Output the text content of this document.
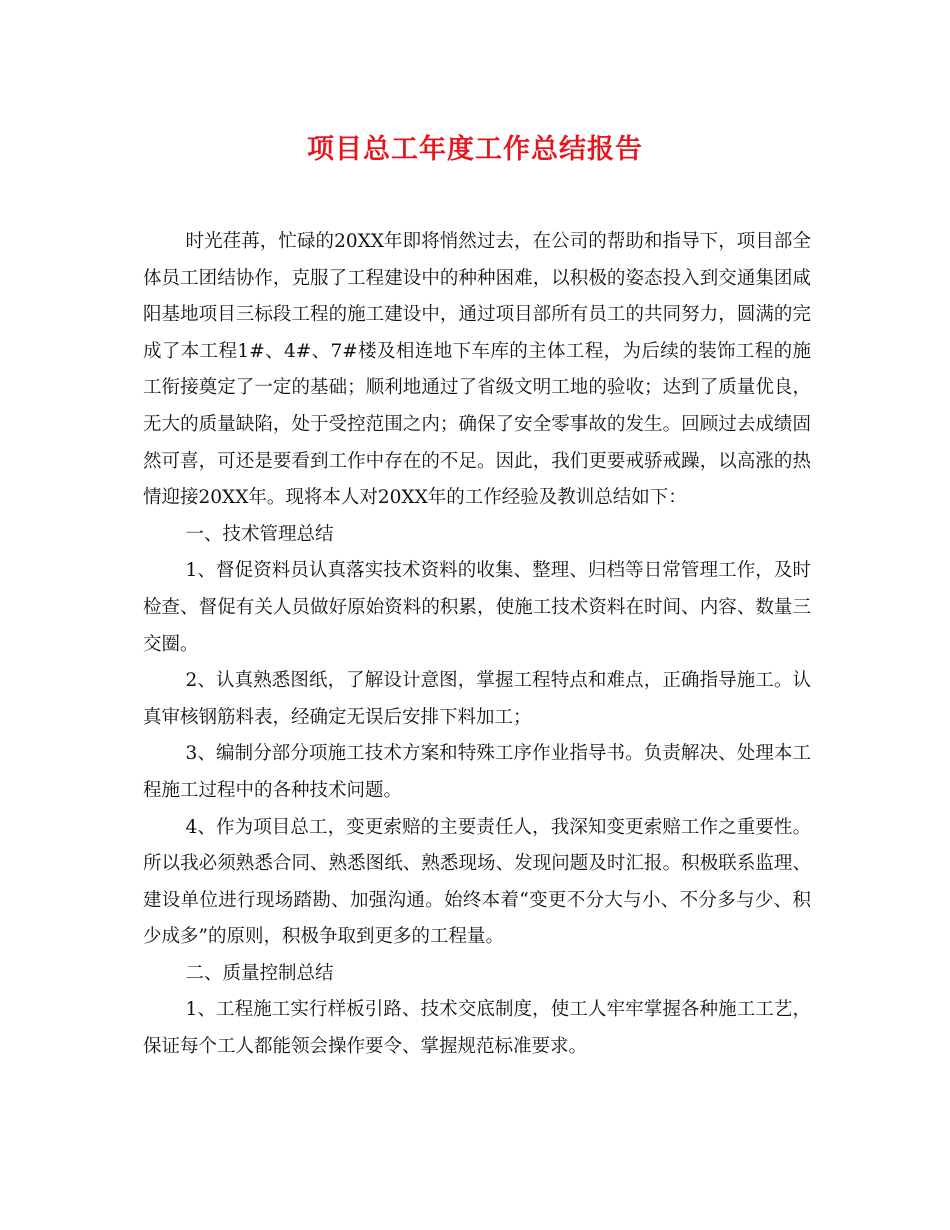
项目总工年度工作总结报告

时光荏苒，忙碌的20XX年即将悄然过去，在公司的帮助和指导下，项目部全体员工团结协作，克服了工程建设中的种种困难，以积极的姿态投入到交通集团咸阳基地项目三标段工程的施工建设中，通过项目部所有员工的共同努力，圆满的完成了本工程1#、4#、7#楼及相连地下车库的主体工程，为后续的装饰工程的施工衔接奠定了一定的基础；顺利地通过了省级文明工地的验收；达到了质量优良，无大的质量缺陷，处于受控范围之内；确保了安全零事故的发生。回顾过去成绩固然可喜，可还是要看到工作中存在的不足。因此，我们更要戒骄戒躁，以高涨的热情迎接20XX年。现将本人对20XX年的工作经验及教训总结如下：

一、技术管理总结

1、督促资料员认真落实技术资料的收集、整理、归档等日常管理工作，及时检查、督促有关人员做好原始资料的积累，使施工技术资料在时间、内容、数量三交圈。

2、认真熟悉图纸，了解设计意图，掌握工程特点和难点，正确指导施工。认真审核钢筋料表，经确定无误后安排下料加工；

3、编制分部分项施工技术方案和特殊工序作业指导书。负责解决、处理本工程施工过程中的各种技术问题。

4、作为项目总工，变更索赔的主要责任人，我深知变更索赔工作之重要性。所以我必须熟悉合同、熟悉图纸、熟悉现场、发现问题及时汇报。积极联系监理、建设单位进行现场踏勘、加强沟通。始终本着“变更不分大与小、不分多与少、积少成多”的原则，积极争取到更多的工程量。

二、质量控制总结

1、工程施工实行样板引路、技术交底制度，使工人牢牢掌握各种施工工艺，保证每个工人都能领会操作要令、掌握规范标准要求。
